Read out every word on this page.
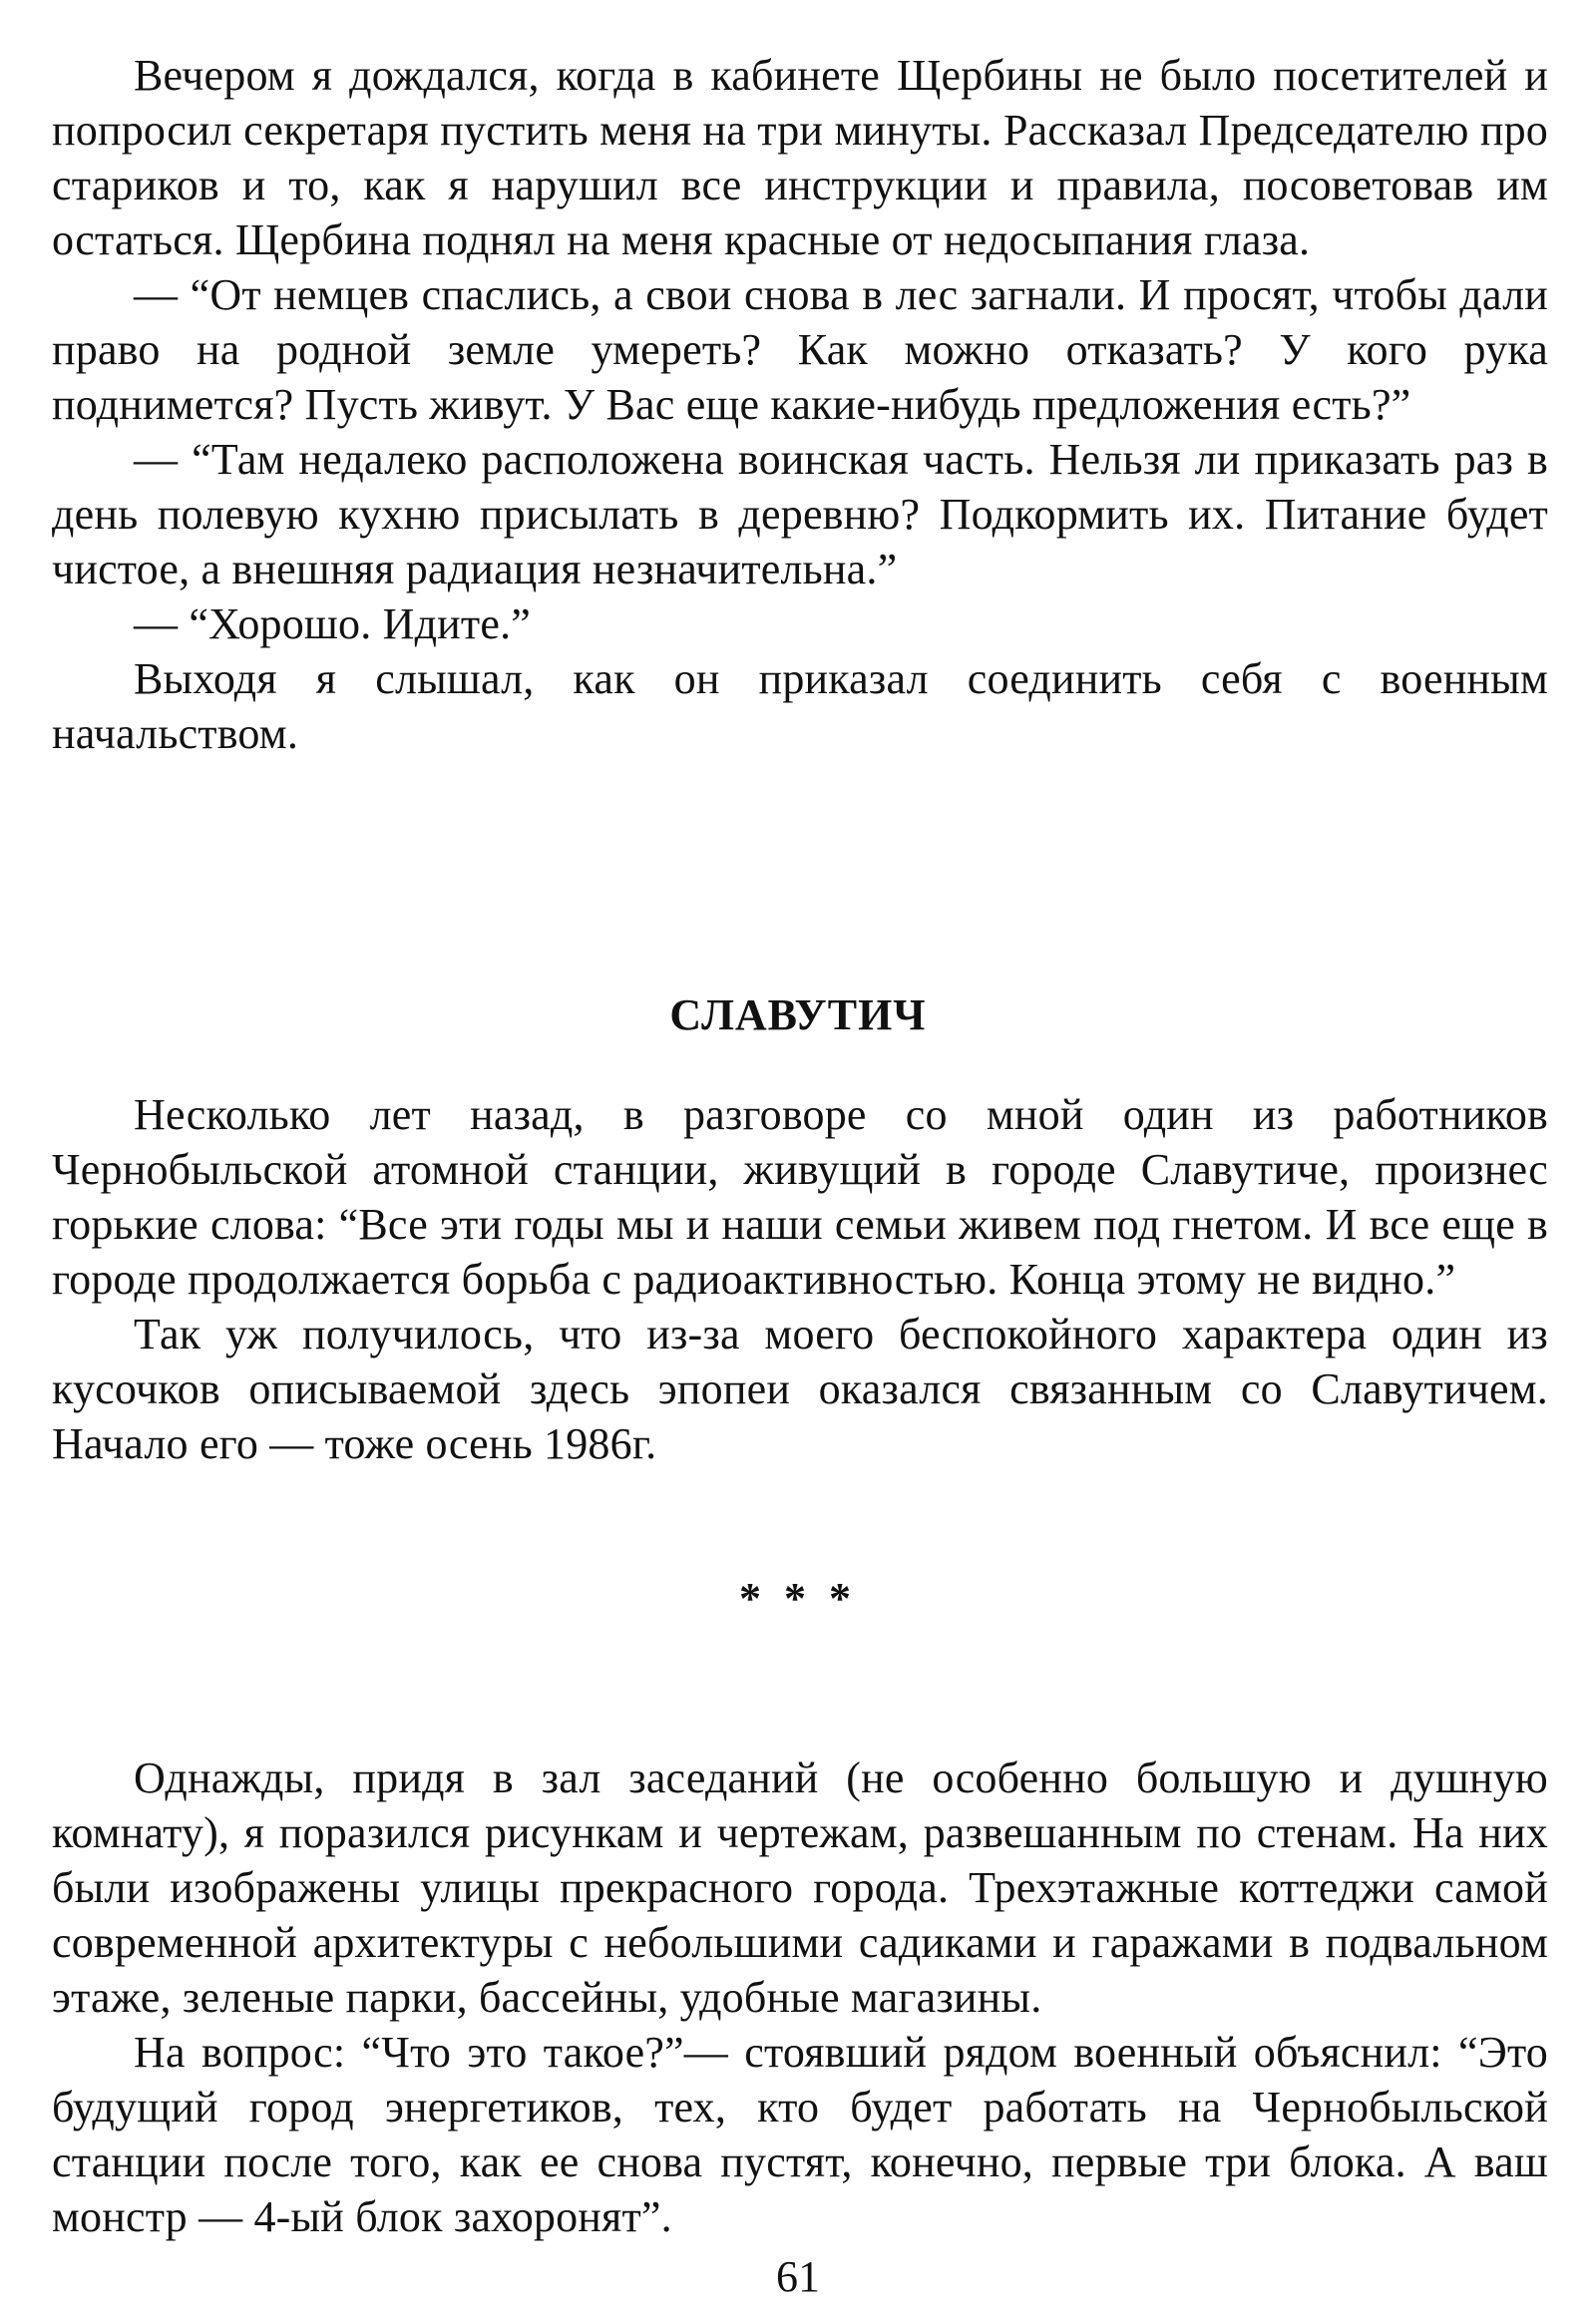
Вечером я дождался, когда в кабинете Щербины не было посетителей и попросил секретаря пустить меня на три минуты. Рассказал Председателю про стариков и то, как я нарушил все инструкции и правила, посоветовав им остаться. Щербина поднял на меня красные от недосыпания глаза.

— “От немцев спаслись, а свои снова в лес загнали. И просят, чтобы дали право на родной земле умереть? Как можно отказать? У кого рука поднимется? Пусть живут. У Вас еще какие-нибудь предложения есть?”

— “Там недалеко расположена воинская часть. Нельзя ли приказать раз в день полевую кухню присылать в деревню? Подкормить их. Питание будет чистое, а внешняя радиация незначительна.”

— “Хорошо. Идите.”

Выходя я слышал, как он приказал соединить себя с военным начальством.

СЛАВУТИЧ

Несколько лет назад, в разговоре со мной один из работников Чернобыльской атомной станции, живущий в городе Славутиче, произнес горькие слова: “Все эти годы мы и наши семьи живем под гнетом. И все еще в городе продолжается борьба с радиоактивностью. Конца этому не видно.”

Так уж получилось, что из-за моего беспокойного характера один из кусочков описываемой здесь эпопеи оказался связанным со Славутичем. Начало его — тоже осень 1986г.

* * *

Однажды, придя в зал заседаний (не особенно большую и душную комнату), я поразился рисункам и чертежам, развешанным по стенам. На них были изображены улицы прекрасного города. Трехэтажные коттеджи самой современной архитектуры с небольшими садиками и гаражами в подвальном этаже, зеленые парки, бассейны, удобные магазины.

На вопрос: “Что это такое?”— стоявший рядом военный объяснил: “Это будущий город энергетиков, тех, кто будет работать на Чернобыльской станции после того, как ее снова пустят, конечно, первые три блока. А ваш монстр — 4-ый блок захоронят”.

61
